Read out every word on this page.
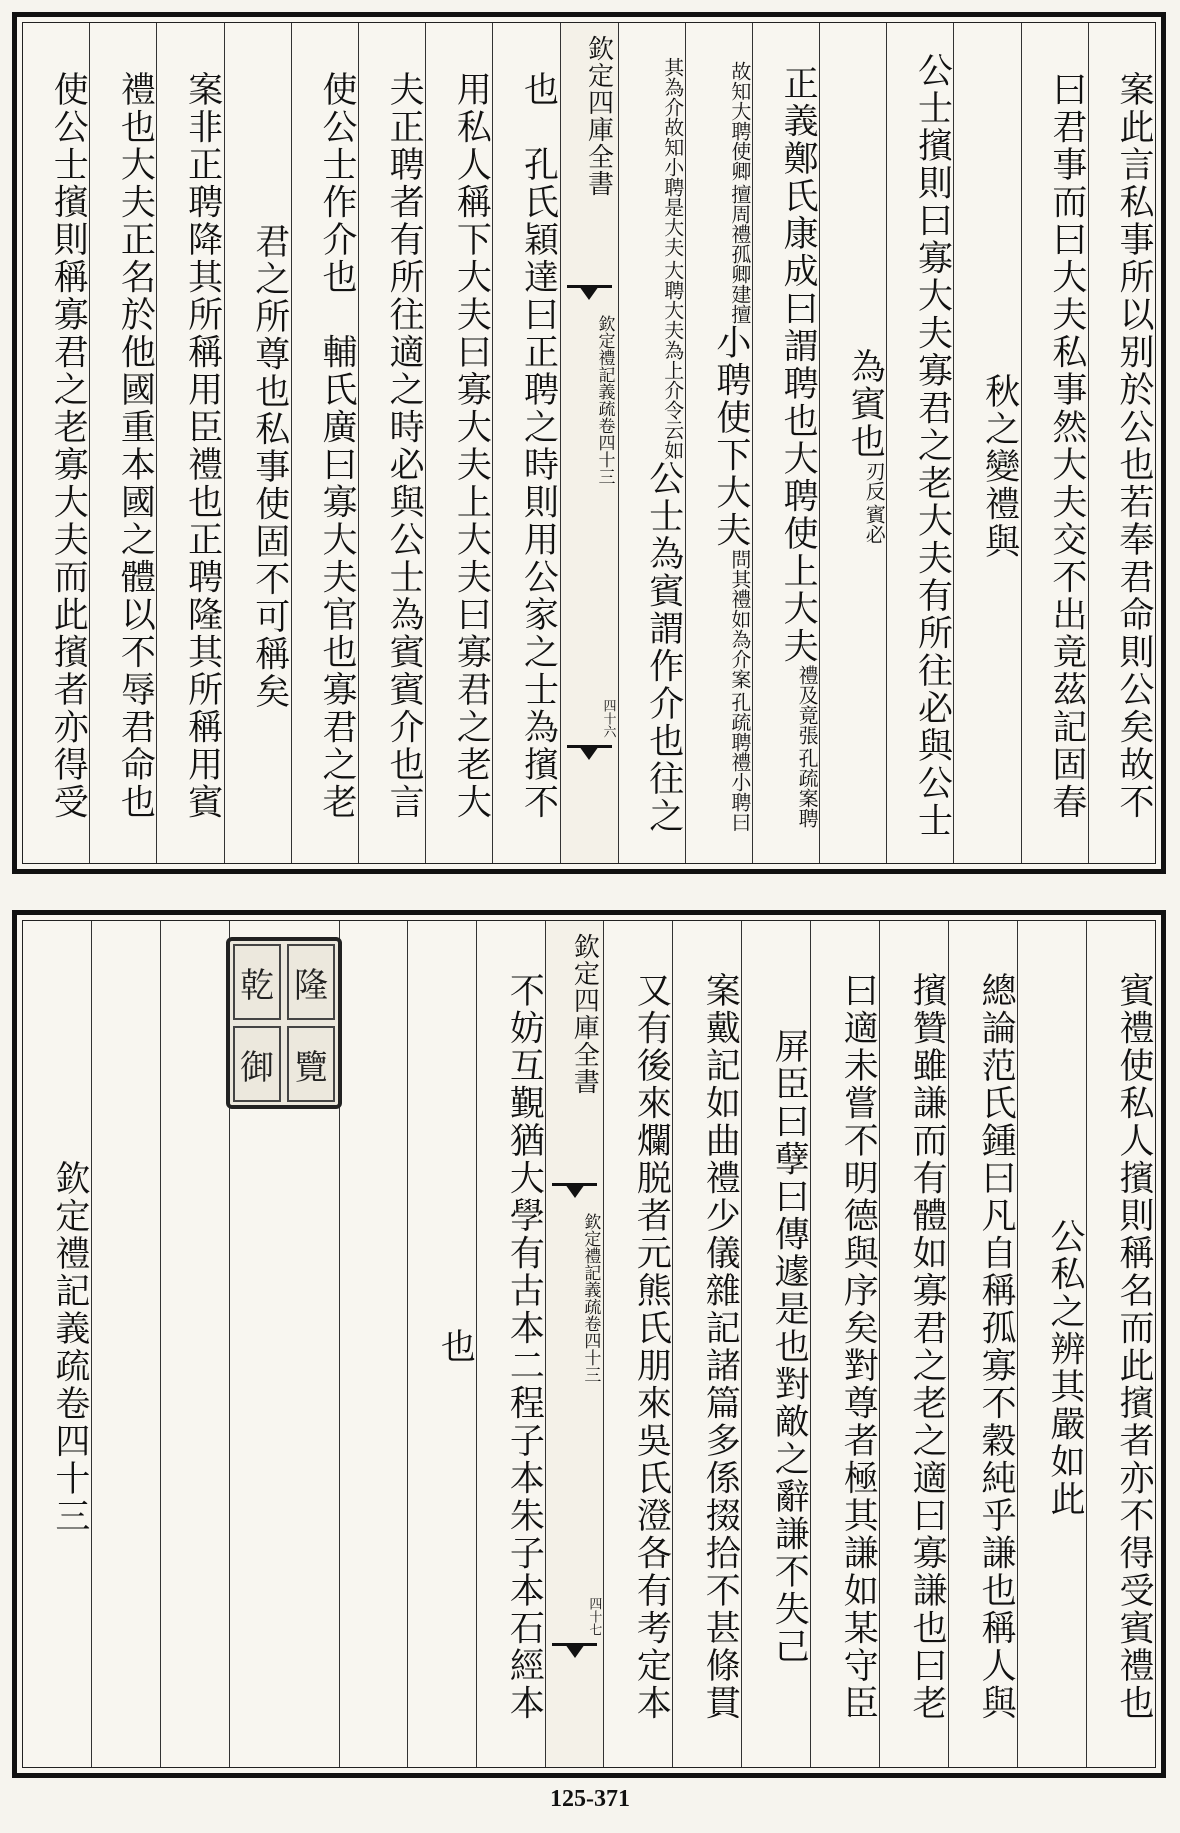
案此言私事所以别於公也若奉君命則公矣故不
曰君事而曰大夫私事然大夫交不出竟茲記固春
秋之變禮與
公士擯則曰寡大夫寡君之老大夫有所往必與公士
為賓也
賓必
刃反
正義鄭氏康成曰謂聘也大聘使上大夫
孔疏案聘
禮及竟張
擅周禮孤卿建擅
故知大聘使卿
小聘使下大夫
孔疏聘禮小聘曰
問其禮如為介案
大聘大夫為上介令云如
其為介故知小聘是大夫
公士為賓謂作介也往之
欽定四庫全書
欽定禮記義疏
卷四十三
四十六
也　孔氏穎達曰正聘之時則用公家之士為擯不
用私人稱下大夫曰寡大夫上大夫曰寡君之老大
夫正聘者有所往適之時必與公士為賓賓介也言
使公士作介也　輔氏廣曰寡大夫官也寡君之老
君之所尊也私事使固不可稱矣
案非正聘降其所稱用臣禮也正聘隆其所稱用賓
禮也大夫正名於他國重本國之體以不辱君命也
使公士擯則稱寡君之老寡大夫而此擯者亦得受
賓禮使私人擯則稱名而此擯者亦不得受賓禮也
公私之辨其嚴如此
總論范氏鍾曰凡自稱孤寡不穀純乎謙也稱人與
擯贊雖謙而有體如寡君之老之適曰寡謙也曰老
曰適未嘗不明德與序矣對尊者極其謙如某守臣
屏臣曰孽曰傳遽是也對敵之辭謙不失己
案戴記如曲禮少儀雜記諸篇多係掇拾不甚條貫
又有後來爛脱者元熊氏朋來吳氏澄各有考定本
欽定四庫全書
欽定禮記義疏
卷四十三
四十七
不妨互覲猶大學有古本二程子本朱子本石經本
也
乾 隆
御 覽
欽定禮記義疏卷四十三
125-371
